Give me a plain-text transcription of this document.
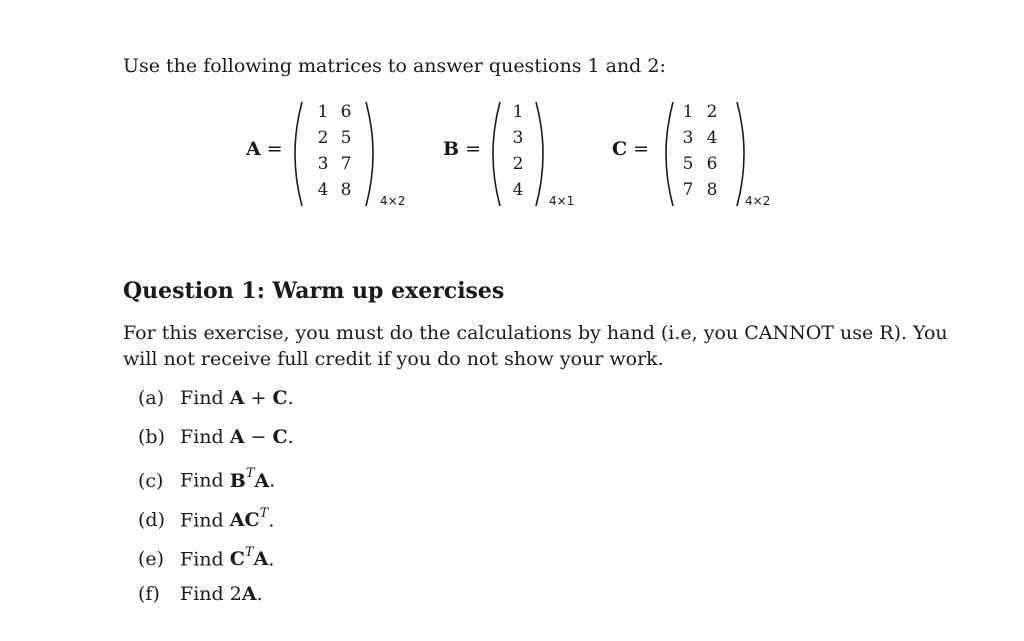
Use the following matrices to answer questions 1 and 2:

A =
1 6
2 5
3 7
4 8
4×2
B =
1
3
2
4
4×1
C =
1 2
3 4
5 6
7 8
4×2
Question 1: Warm up exercises

For this exercise, you must do the calculations by hand (i.e, you CANNOT use R). You will not receive full credit if you do not show your work.

(a) Find A + C.
(b) Find A − C.
(c) Find $B^TA$.
(d) Find $AC^T$.
(e) Find $C^TA$.
(f) Find 2A.
